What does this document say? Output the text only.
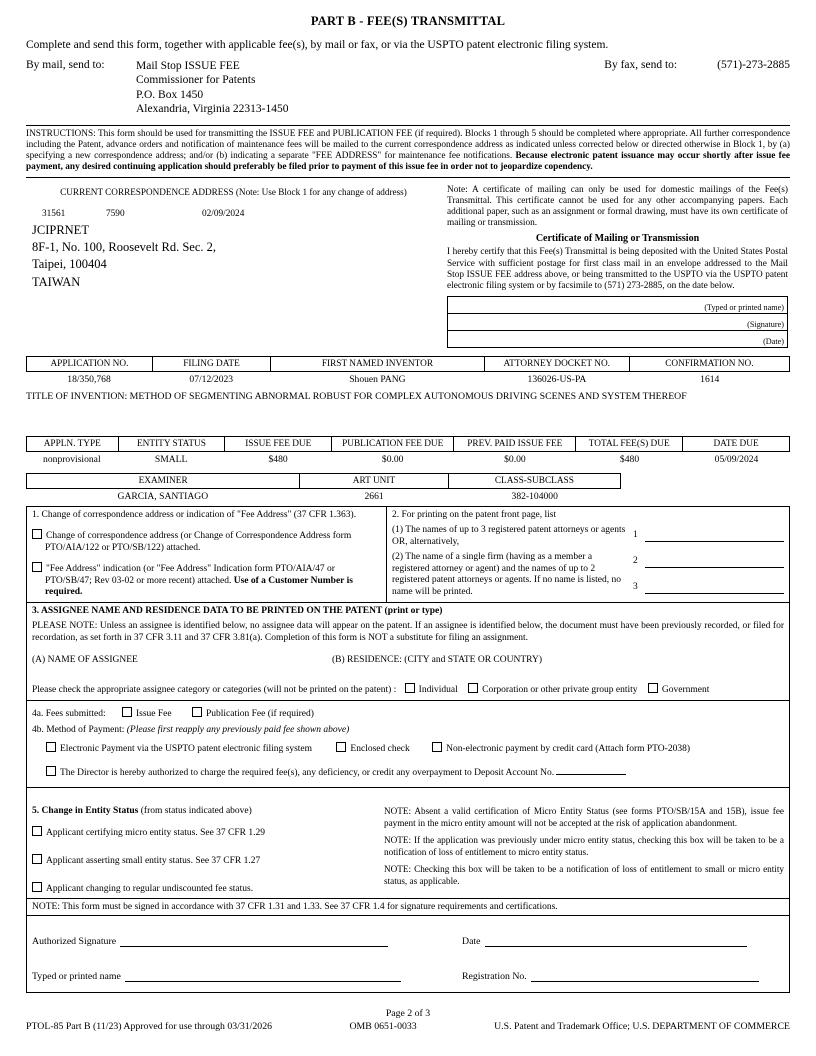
PART B - FEE(S) TRANSMITTAL
Complete and send this form, together with applicable fee(s), by mail or fax, or via the USPTO patent electronic filing system.
By mail, send to:	Mail Stop ISSUE FEE
Commissioner for Patents
P.O. Box 1450
Alexandria, Virginia 22313-1450
By fax, send to:	(571)-273-2885
INSTRUCTIONS: This form should be used for transmitting the ISSUE FEE and PUBLICATION FEE (if required). Blocks 1 through 5 should be completed where appropriate. All further correspondence including the Patent, advance orders and notification of maintenance fees will be mailed to the current correspondence address as indicated unless corrected below or directed otherwise in Block 1, by (a) specifying a new correspondence address; and/or (b) indicating a separate "FEE ADDRESS" for maintenance fee notifications. Because electronic patent issuance may occur shortly after issue fee payment, any desired continuing application should preferably be filed prior to payment of this issue fee in order not to jeopardize copendency.
CURRENT CORRESPONDENCE ADDRESS (Note: Use Block 1 for any change of address)
31561	7590	02/09/2024
JCIPRNET
8F-1, No. 100, Roosevelt Rd. Sec. 2,
Taipei, 100404
TAIWAN
Note: A certificate of mailing can only be used for domestic mailings of the Fee(s) Transmittal. This certificate cannot be used for any other accompanying papers. Each additional paper, such as an assignment or formal drawing, must have its own certificate of mailing or transmission.
Certificate of Mailing or Transmission
I hereby certify that this Fee(s) Transmittal is being deposited with the United States Postal Service with sufficient postage for first class mail in an envelope addressed to the Mail Stop ISSUE FEE address above, or being transmitted to the USPTO via the USPTO patent electronic filing system or by facsimile to (571) 273-2885, on the date below.
(Typed or printed name)
(Signature)
(Date)
APPLICATION NO.	FILING DATE	FIRST NAMED INVENTOR	ATTORNEY DOCKET NO.	CONFIRMATION NO.
18/350,768	07/12/2023	Shouen PANG	136026-US-PA	1614
TITLE OF INVENTION: METHOD OF SEGMENTING ABNORMAL ROBUST FOR COMPLEX AUTONOMOUS DRIVING SCENES AND SYSTEM THEREOF
APPLN. TYPE	ENTITY STATUS	ISSUE FEE DUE	PUBLICATION FEE DUE	PREV. PAID ISSUE FEE	TOTAL FEE(S) DUE	DATE DUE
nonprovisional	SMALL	$480	$0.00	$0.00	$480	05/09/2024
EXAMINER	ART UNIT	CLASS-SUBCLASS
GARCIA, SANTIAGO	2661	382-104000
1. Change of correspondence address or indication of "Fee Address" (37 CFR 1.363).
Change of correspondence address (or Change of Correspondence Address form PTO/AIA/122 or PTO/SB/122) attached.
"Fee Address" indication (or "Fee Address" Indication form PTO/AIA/47 or PTO/SB/47; Rev 03-02 or more recent) attached. Use of a Customer Number is required.
2. For printing on the patent front page, list
(1) The names of up to 3 registered patent attorneys or agents OR, alternatively,
(2) The name of a single firm (having as a member a registered attorney or agent) and the names of up to 2 registered patent attorneys or agents. If no name is listed, no name will be printed.
1
2
3
3. ASSIGNEE NAME AND RESIDENCE DATA TO BE PRINTED ON THE PATENT (print or type)
PLEASE NOTE: Unless an assignee is identified below, no assignee data will appear on the patent. If an assignee is identified below, the document must have been previously recorded, or filed for recordation, as set forth in 37 CFR 3.11 and 37 CFR 3.81(a). Completion of this form is NOT a substitute for filing an assignment.
(A) NAME OF ASSIGNEE	(B) RESIDENCE: (CITY and STATE OR COUNTRY)
Please check the appropriate assignee category or categories (will not be printed on the patent) : Individual	Corporation or other private group entity	Government
4a. Fees submitted:	Issue Fee	Publication Fee (if required)
4b. Method of Payment: (Please first reapply any previously paid fee shown above)
Electronic Payment via the USPTO patent electronic filing system	Enclosed check	Non-electronic payment by credit card (Attach form PTO-2038)
The Director is hereby authorized to charge the required fee(s), any deficiency, or credit any overpayment to Deposit Account No.
5. Change in Entity Status (from status indicated above)
Applicant certifying micro entity status. See 37 CFR 1.29
Applicant asserting small entity status. See 37 CFR 1.27
Applicant changing to regular undiscounted fee status.

NOTE: Absent a valid certification of Micro Entity Status (see forms PTO/SB/15A and 15B), issue fee payment in the micro entity amount will not be accepted at the risk of application abandonment.

NOTE: If the application was previously under micro entity status, checking this box will be taken to be a notification of loss of entitlement to micro entity status.

NOTE: Checking this box will be taken to be a notification of loss of entitlement to small or micro entity status, as applicable.

NOTE: This form must be signed in accordance with 37 CFR 1.31 and 1.33. See 37 CFR 1.4 for signature requirements and certifications.
Authorized Signature	Date
Typed or printed name	Registration No.
Page 2 of 3
PTOL-85 Part B (11/23) Approved for use through 03/31/2026	OMB 0651-0033	U.S. Patent and Trademark Office; U.S. DEPARTMENT OF COMMERCE
